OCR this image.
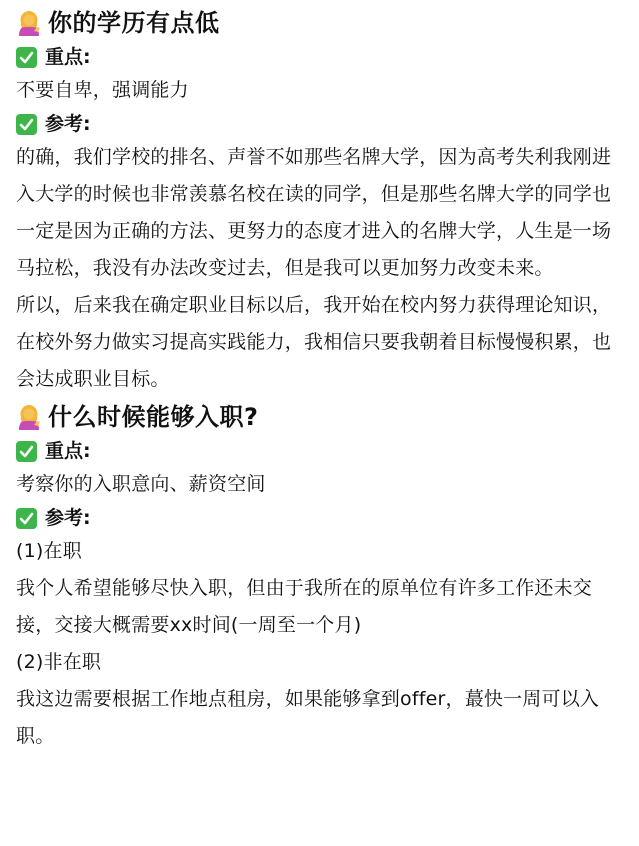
你的学历有点低
重点:

不要自卑，强调能力

参考:

的确，我们学校的排名、声誉不如那些名牌大学，因为高考失利我刚进入大学的时候也非常羡慕名校在读的同学，但是那些名牌大学的同学也一定是因为正确的方法、更努力的态度才进入的名牌大学，人生是一场马拉松，我没有办法改变过去，但是我可以更加努力改变未来。

所以，后来我在确定职业目标以后，我开始在校内努力获得理论知识，在校外努力做实习提高实践能力，我相信只要我朝着目标慢慢积累，也会达成职业目标。

什么时候能够入职?
重点:

考察你的入职意向、薪资空间

参考:

(1)在职

我个人希望能够尽快入职，但由于我所在的原单位有许多工作还未交接，交接大概需要xx时间(一周至一个月)

(2)非在职

我这边需要根据工作地点租房，如果能够拿到offer，蕞快一周可以入职。
